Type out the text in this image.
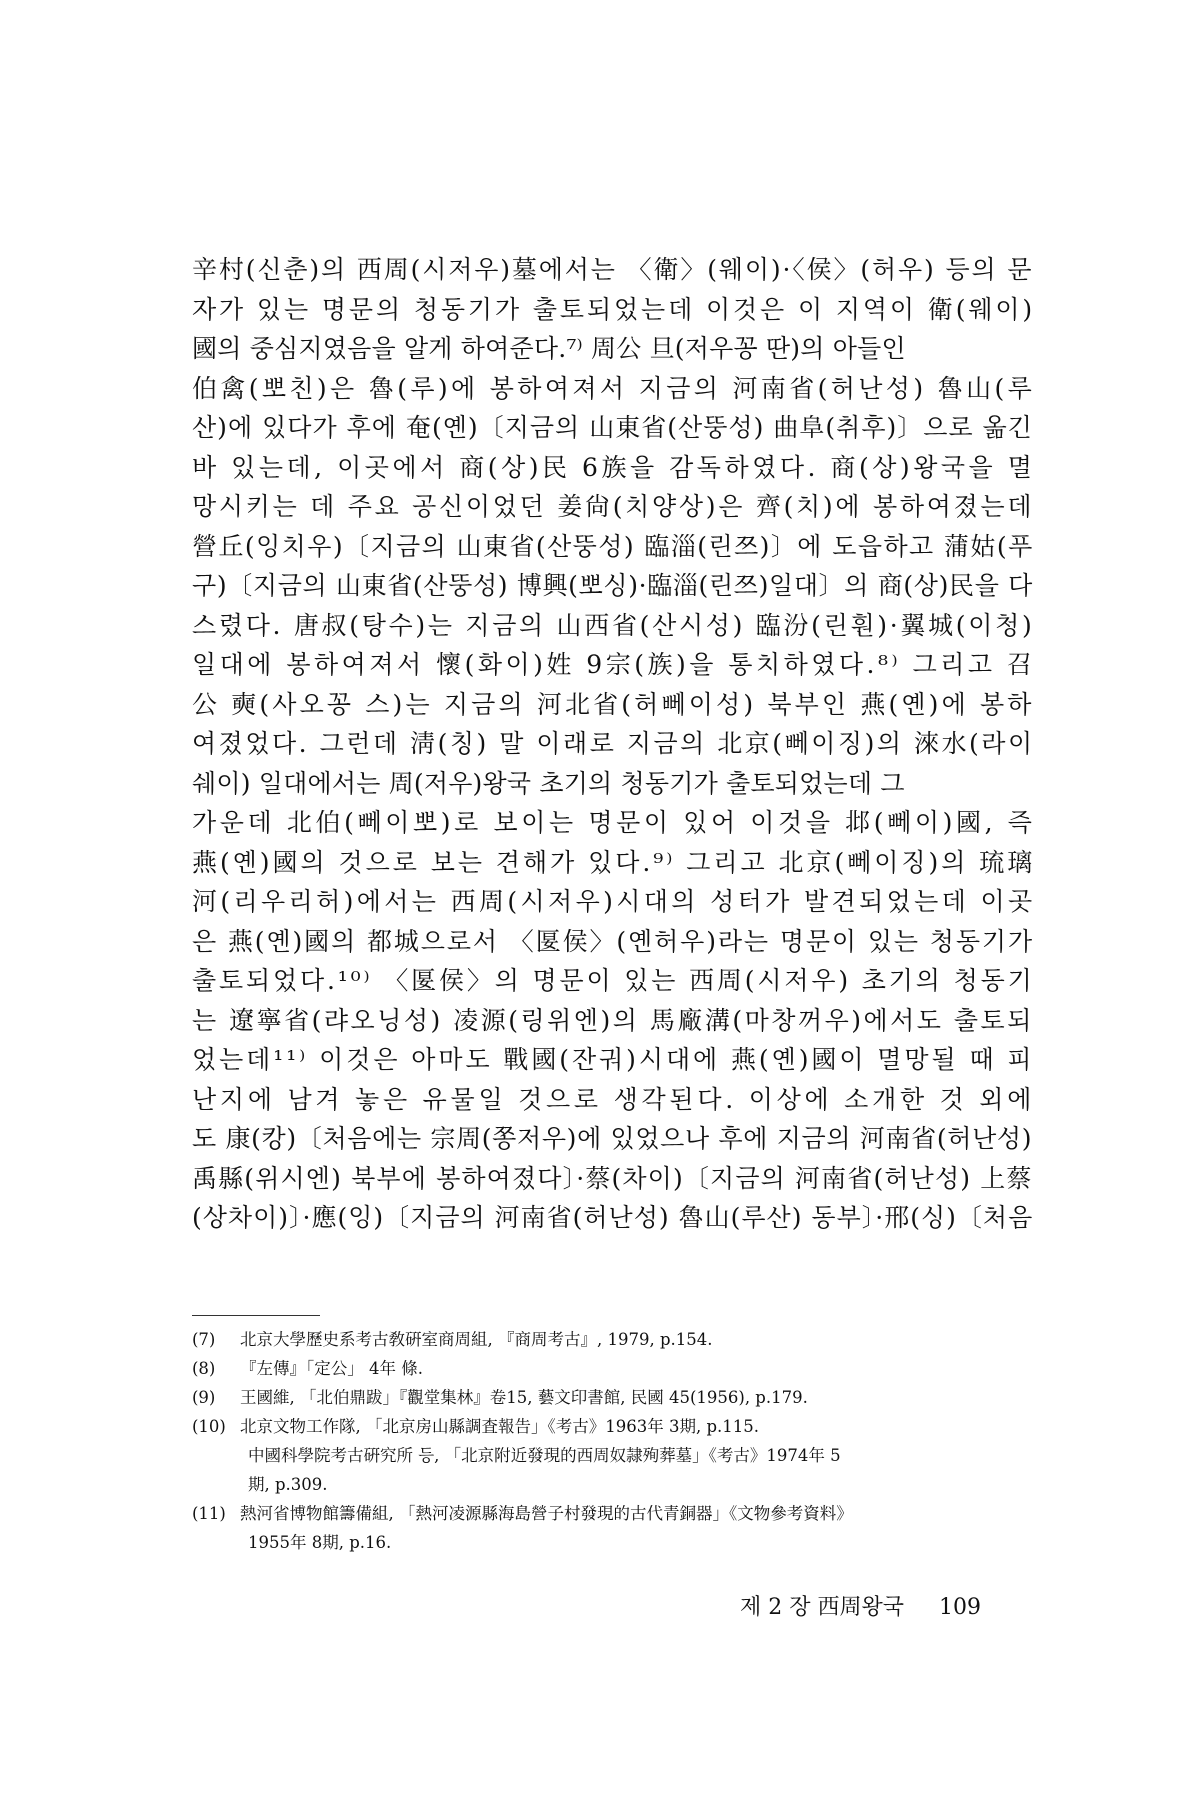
辛村(신춘)의 西周(시저우)墓에서는 〈衛〉(웨이)·〈侯〉(허우) 등의 문
자가 있는 명문의 청동기가 출토되었는데 이것은 이 지역이 衛(웨이)
國의 중심지였음을 알게 하여준다.⁷⁾ 周公 旦(저우꽁 딴)의 아들인
伯禽(뽀친)은 魯(루)에 봉하여져서 지금의 河南省(허난성) 魯山(루
산)에 있다가 후에 奄(옌)〔지금의 山東省(산뚱성) 曲阜(취후)〕으로 옮긴
바 있는데, 이곳에서 商(상)民 6族을 감독하였다. 商(상)왕국을 멸
망시키는 데 주요 공신이었던 姜尙(치양상)은 齊(치)에 봉하여졌는데
營丘(잉치우)〔지금의 山東省(산뚱성) 臨淄(린쯔)〕에 도읍하고 蒲姑(푸
구)〔지금의 山東省(산뚱성) 博興(뽀싱)·臨淄(린쯔)일대〕의 商(상)民을 다
스렸다. 唐叔(탕수)는 지금의 山西省(산시성) 臨汾(린훤)·翼城(이청)
일대에 봉하여져서 懷(화이)姓 9宗(族)을 통치하였다.⁸⁾ 그리고 召
公 奭(사오꽁 스)는 지금의 河北省(허뻬이성) 북부인 燕(옌)에 봉하
여졌었다. 그런데 淸(칭) 말 이래로 지금의 北京(뻬이징)의 淶水(라이
쉐이) 일대에서는 周(저우)왕국 초기의 청동기가 출토되었는데 그
가운데 北伯(뻬이뽀)로 보이는 명문이 있어 이것을 邶(뻬이)國, 즉
燕(옌)國의 것으로 보는 견해가 있다.⁹⁾ 그리고 北京(뻬이징)의 琉璃
河(리우리허)에서는 西周(시저우)시대의 성터가 발견되었는데 이곳
은 燕(옌)國의 都城으로서 〈匽侯〉(옌허우)라는 명문이 있는 청동기가
출토되었다.¹⁰⁾ 〈匽侯〉의 명문이 있는 西周(시저우) 초기의 청동기
는 遼寧省(랴오닝성) 凌源(링위엔)의 馬廠溝(마창꺼우)에서도 출토되
었는데¹¹⁾ 이것은 아마도 戰國(잔궈)시대에 燕(옌)國이 멸망될 때 피
난지에 남겨 놓은 유물일 것으로 생각된다. 이상에 소개한 것 외에
도 康(캉)〔처음에는 宗周(쫑저우)에 있었으나 후에 지금의 河南省(허난성)
禹縣(위시엔) 북부에 봉하여졌다〕·蔡(차이)〔지금의 河南省(허난성) 上蔡
(상차이)〕·應(잉)〔지금의 河南省(허난성) 魯山(루산) 동부〕·邢(싱)〔처음
(7) 北京大學歷史系考古敎硏室商周組, 『商周考古』, 1979, p.154.
(8) 『左傳』「定公」 4年 條.
(9) 王國維, 「北伯鼎跋」『觀堂集林』卷15, 藝文印書館, 民國 45(1956), p.179.
(10) 北京文物工作隊, 「北京房山縣調査報告」《考古》1963年 3期, p.115.
中國科學院考古硏究所 등, 「北京附近發現的西周奴隷殉葬墓」《考古》1974年 5
期, p.309.
(11) 熱河省博物館籌備組, 「熱河凌源縣海島營子村發現的古代青銅器」《文物參考資料》
1955年 8期, p.16.
제 2 장 西周왕국 109
